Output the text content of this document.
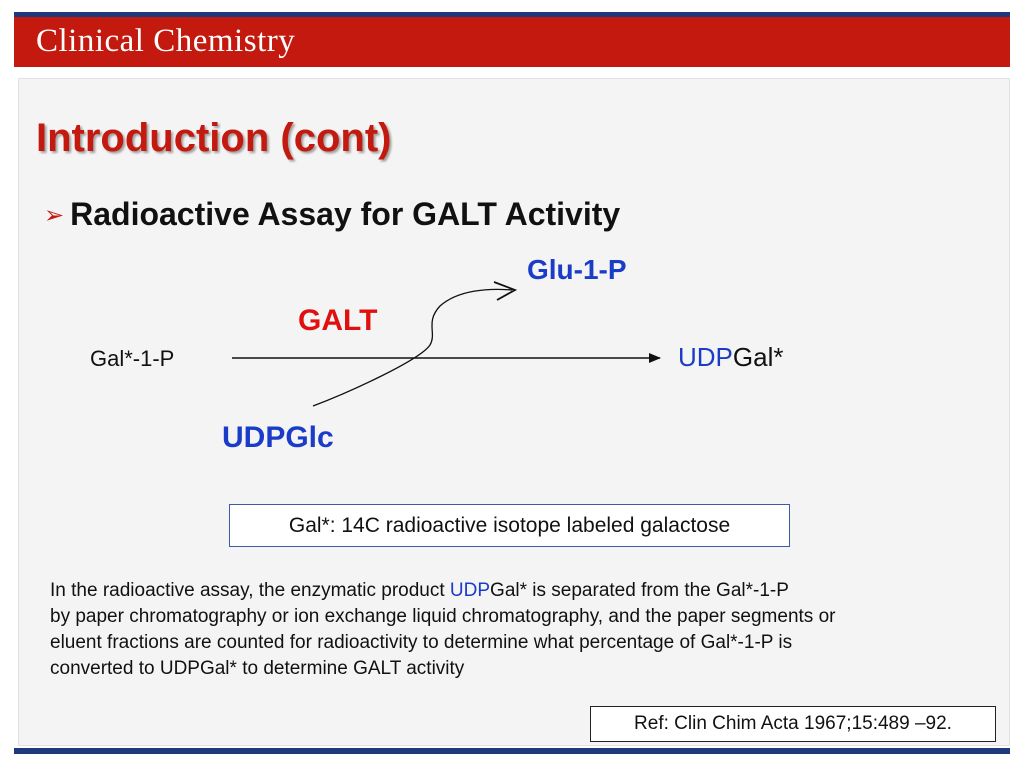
Clinical Chemistry
Introduction (cont)
➢ Radioactive Assay for GALT Activity
Gal*-1-P
GALT
Glu-1-P
UDPGlc
UDPGal*
Gal*: 14C radioactive isotope labeled galactose
In the radioactive assay, the enzymatic product UDPGal* is separated from the Gal*-1-P
by paper chromatography or ion exchange liquid chromatography, and the paper segments or
eluent fractions are counted for radioactivity to determine what percentage of Gal*-1-P is
converted to UDPGal* to determine GALT activity
Ref: Clin Chim Acta 1967;15:489 –92.
